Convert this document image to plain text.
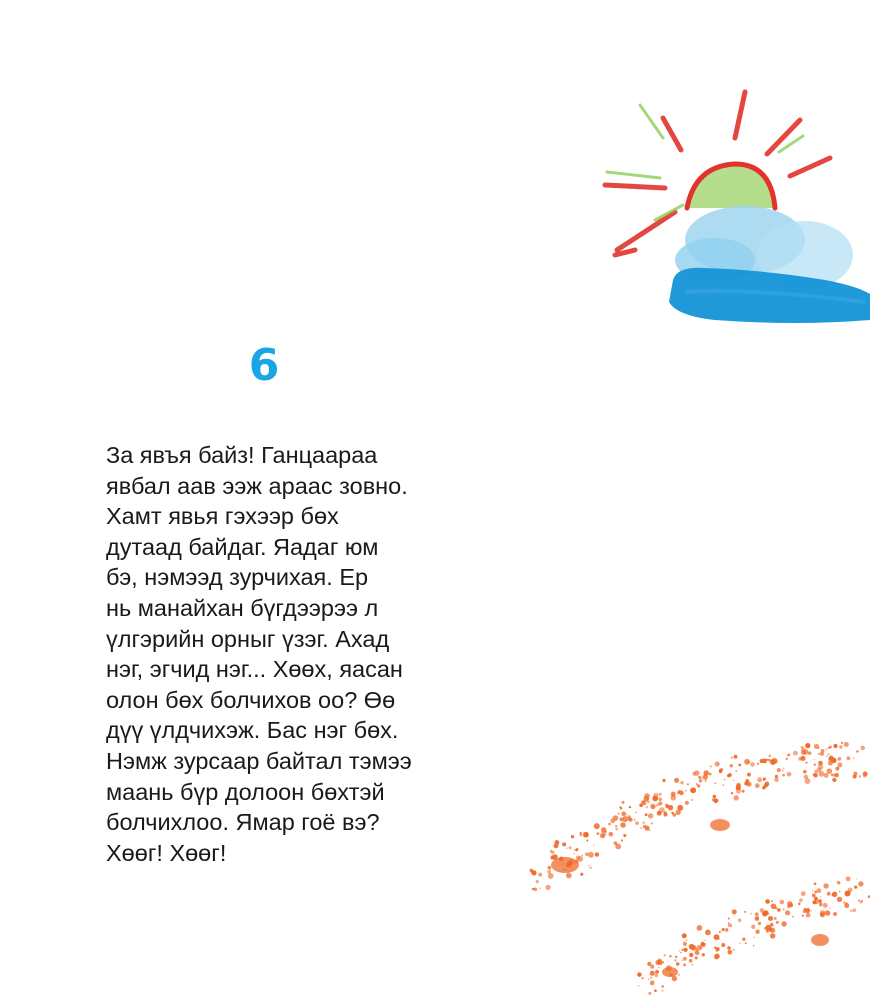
6

За явъя байз! Ганцаараа
явбал аав ээж араас зовно.
Хамт явья гэхээр бөх
дутаад байдаг. Яадаг юм
бэ, нэмээд зурчихая. Ер
нь манайхан бүгдээрээ л
үлгэрийн орныг үзэг. Ахад
нэг, эгчид нэг... Хөөх, яасан
олон бөх болчихов оо? Өө
дүү үлдчихэж. Бас нэг бөх.
Нэмж зурсаар байтал тэмээ
маань бүр долоон бөхтэй
болчихлоо. Ямар гоё вэ?
Хөөг! Хөөг!
